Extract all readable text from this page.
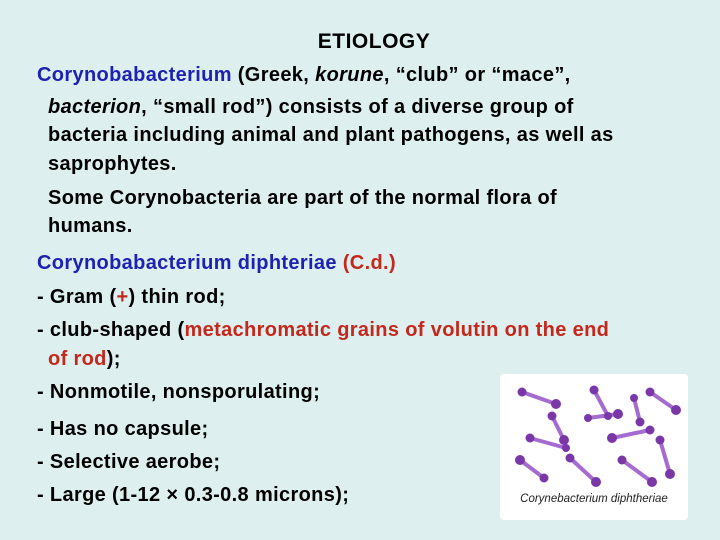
ETIOLOGY
Corynobabacterium (Greek, korune, “club” or “mace”,
bacterion, “small rod”) consists of a diverse group of
bacteria including animal and plant pathogens, as well as
saprophytes.
Some Corynobacteria are part of the normal flora of
humans.
Corynobabacterium diphteriae (C.d.)
- Gram (+) thin rod;
- club-shaped (metachromatic grains of volutin on the end
of rod);
- Nonmotile, nonsporulating;
- Has no capsule;
- Selective aerobe;
- Large (1-12 × 0.3-0.8 microns);	Corynebacterium diphtheriae
